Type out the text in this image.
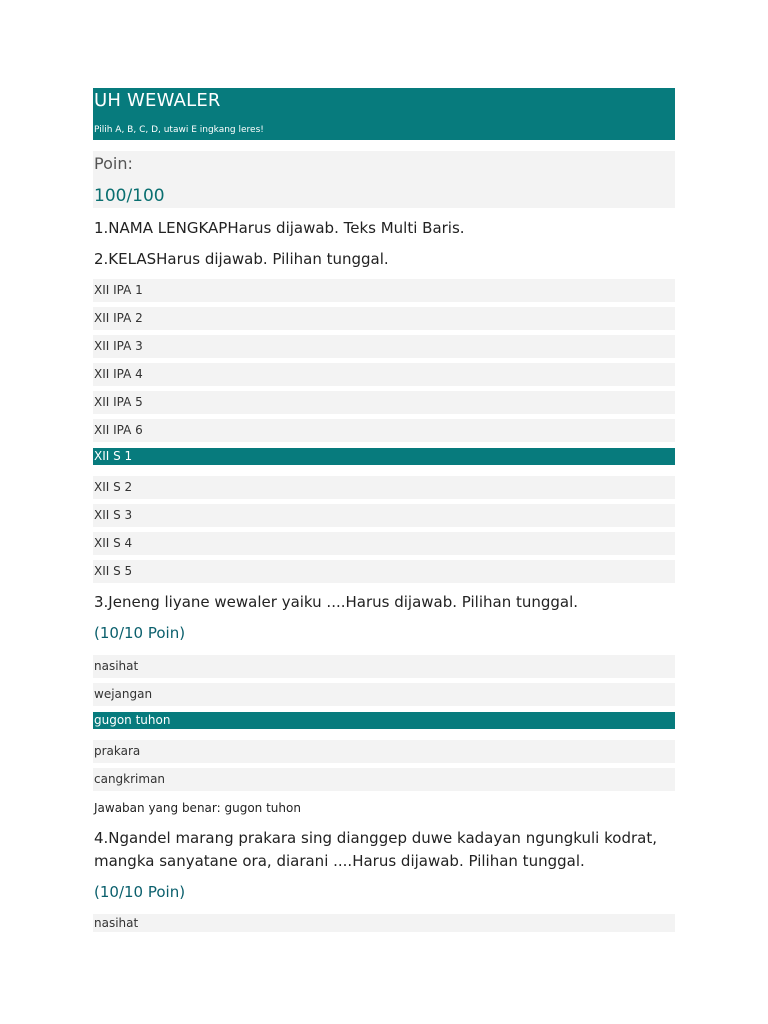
UH WEWALER
Pilih A, B, C, D, utawi E ingkang leres!
Poin:
100/100

1.NAMA LENGKAPHarus dijawab. Teks Multi Baris.

2.KELASHarus dijawab. Pilihan tunggal.

XII IPA 1
XII IPA 2
XII IPA 3
XII IPA 4
XII IPA 5
XII IPA 6
XII S 1
XII S 2
XII S 3
XII S 4
XII S 5

3.Jeneng liyane wewaler yaiku ....Harus dijawab. Pilihan tunggal.

(10/10 Poin)
nasihat
wejangan
gugon tuhon
prakara
cangkriman
Jawaban yang benar: gugon tuhon

4.Ngandel marang prakara sing dianggep duwe kadayan ngungkuli kodrat,

mangka sanyatane ora, diarani ....Harus dijawab. Pilihan tunggal.

(10/10 Poin)
nasihat
